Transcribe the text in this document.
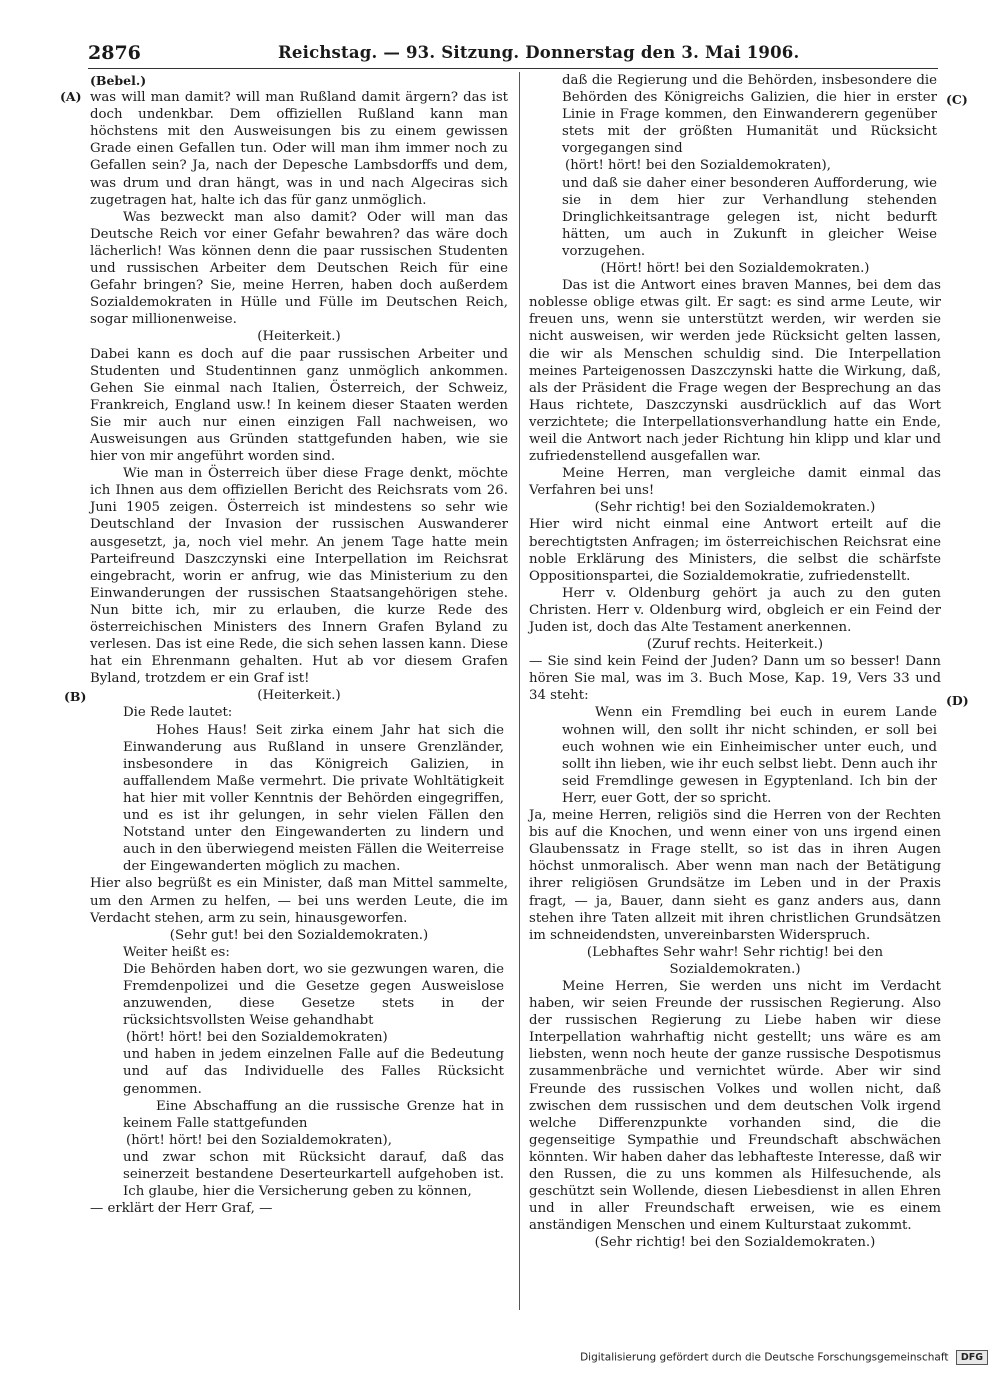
2876	Reichstag. — 93. Sitzung. Donnerstag den 3. Mai 1906.
(A)
(B)
(C)
(D)

(Bebel.)

was will man damit? will man Rußland damit ärgern? das ist doch undenkbar. Dem offiziellen Rußland kann man höchstens mit den Ausweisungen bis zu einem gewissen Grade einen Gefallen tun. Oder will man ihm immer noch zu Gefallen sein? Ja, nach der Depesche Lambsdorffs und dem, was drum und dran hängt, was in und nach Algeciras sich zugetragen hat, halte ich das für ganz unmöglich.

Was bezweckt man also damit? Oder will man das Deutsche Reich vor einer Gefahr bewahren? das wäre doch lächerlich! Was können denn die paar russischen Studenten und russischen Arbeiter dem Deutschen Reich für eine Gefahr bringen? Sie, meine Herren, haben doch außerdem Sozialdemokraten in Hülle und Fülle im Deutschen Reich, sogar millionenweise.

(Heiterkeit.)

Dabei kann es doch auf die paar russischen Arbeiter und Studenten und Studentinnen ganz unmöglich ankommen. Gehen Sie einmal nach Italien, Österreich, der Schweiz, Frankreich, England usw.! In keinem dieser Staaten werden Sie mir auch nur einen einzigen Fall nachweisen, wo Ausweisungen aus Gründen stattgefunden haben, wie sie hier von mir angeführt worden sind.

Wie man in Österreich über diese Frage denkt, möchte ich Ihnen aus dem offiziellen Bericht des Reichsrats vom 26. Juni 1905 zeigen. Österreich ist mindestens so sehr wie Deutschland der Invasion der russischen Auswanderer ausgesetzt, ja, noch viel mehr. An jenem Tage hatte mein Parteifreund Daszczynski eine Interpellation im Reichsrat eingebracht, worin er anfrug, wie das Ministerium zu den Einwanderungen der russischen Staatsangehörigen stehe. Nun bitte ich, mir zu erlauben, die kurze Rede des österreichischen Ministers des Innern Grafen Byland zu verlesen. Das ist eine Rede, die sich sehen lassen kann. Diese hat ein Ehrenmann gehalten. Hut ab vor diesem Grafen Byland, trotzdem er ein Graf ist!

(Heiterkeit.)

Die Rede lautet:

Hohes Haus! Seit zirka einem Jahr hat sich die Einwanderung aus Rußland in unsere Grenzländer, insbesondere in das Königreich Galizien, in auffallendem Maße vermehrt. Die private Wohltätigkeit hat hier mit voller Kenntnis der Behörden eingegriffen, und es ist ihr gelungen, in sehr vielen Fällen den Notstand unter den Eingewanderten zu lindern und auch in den überwiegend meisten Fällen die Weiterreise der Eingewanderten möglich zu machen.

Hier also begrüßt es ein Minister, daß man Mittel sammelte, um den Armen zu helfen, — bei uns werden Leute, die im Verdacht stehen, arm zu sein, hinausgeworfen.

(Sehr gut! bei den Sozialdemokraten.)

Weiter heißt es:

Die Behörden haben dort, wo sie gezwungen waren, die Fremdenpolizei und die Gesetze gegen Ausweislose anzuwenden, diese Gesetze stets in der rücksichtsvollsten Weise gehandhabt

(hört! hört! bei den Sozialdemokraten)

und haben in jedem einzelnen Falle auf die Bedeutung und auf das Individuelle des Falles Rücksicht genommen.

Eine Abschaffung an die russische Grenze hat in keinem Falle stattgefunden

(hört! hört! bei den Sozialdemokraten),

und zwar schon mit Rücksicht darauf, daß das seinerzeit bestandene Deserteurkartell aufgehoben ist. Ich glaube, hier die Versicherung geben zu können,

— erklärt der Herr Graf, —

daß die Regierung und die Behörden, insbesondere die Behörden des Königreichs Galizien, die hier in erster Linie in Frage kommen, den Einwanderern gegenüber stets mit der größten Humanität und Rücksicht vorgegangen sind

(hört! hört! bei den Sozialdemokraten),

und daß sie daher einer besonderen Aufforderung, wie sie in dem hier zur Verhandlung stehenden Dringlichkeitsantrage gelegen ist, nicht bedurft hätten, um auch in Zukunft in gleicher Weise vorzugehen.

(Hört! hört! bei den Sozialdemokraten.)

Das ist die Antwort eines braven Mannes, bei dem das noblesse oblige etwas gilt. Er sagt: es sind arme Leute, wir freuen uns, wenn sie unterstützt werden, wir werden sie nicht ausweisen, wir werden jede Rücksicht gelten lassen, die wir als Menschen schuldig sind. Die Interpellation meines Parteigenossen Daszczynski hatte die Wirkung, daß, als der Präsident die Frage wegen der Besprechung an das Haus richtete, Daszczynski ausdrücklich auf das Wort verzichtete; die Interpellationsverhandlung hatte ein Ende, weil die Antwort nach jeder Richtung hin klipp und klar und zufriedenstellend ausgefallen war.

Meine Herren, man vergleiche damit einmal das Verfahren bei uns!

(Sehr richtig! bei den Sozialdemokraten.)

Hier wird nicht einmal eine Antwort erteilt auf die berechtigtsten Anfragen; im österreichischen Reichsrat eine noble Erklärung des Ministers, die selbst die schärfste Oppositionspartei, die Sozialdemokratie, zufriedenstellt.

Herr v. Oldenburg gehört ja auch zu den guten Christen. Herr v. Oldenburg wird, obgleich er ein Feind der Juden ist, doch das Alte Testament anerkennen.

(Zuruf rechts. Heiterkeit.)

— Sie sind kein Feind der Juden? Dann um so besser! Dann hören Sie mal, was im 3. Buch Mose, Kap. 19, Vers 33 und 34 steht:

Wenn ein Fremdling bei euch in eurem Lande wohnen will, den sollt ihr nicht schinden, er soll bei euch wohnen wie ein Einheimischer unter euch, und sollt ihn lieben, wie ihr euch selbst liebt. Denn auch ihr seid Fremdlinge gewesen in Egyptenland. Ich bin der Herr, euer Gott, der so spricht.

Ja, meine Herren, religiös sind die Herren von der Rechten bis auf die Knochen, und wenn einer von uns irgend einen Glaubenssatz in Frage stellt, so ist das in ihren Augen höchst unmoralisch. Aber wenn man nach der Betätigung ihrer religiösen Grundsätze im Leben und in der Praxis fragt, — ja, Bauer, dann sieht es ganz anders aus, dann stehen ihre Taten allzeit mit ihren christlichen Grundsätzen im schneidendsten, unvereinbarsten Widerspruch.

(Lebhaftes Sehr wahr! Sehr richtig! bei den Sozialdemokraten.)

Meine Herren, Sie werden uns nicht im Verdacht haben, wir seien Freunde der russischen Regierung. Also der russischen Regierung zu Liebe haben wir diese Interpellation wahrhaftig nicht gestellt; uns wäre es am liebsten, wenn noch heute der ganze russische Despotismus zusammenbräche und vernichtet würde. Aber wir sind Freunde des russischen Volkes und wollen nicht, daß zwischen dem russischen und dem deutschen Volk irgend welche Differenzpunkte vorhanden sind, die die gegenseitige Sympathie und Freundschaft abschwächen könnten. Wir haben daher das lebhafteste Interesse, daß wir den Russen, die zu uns kommen als Hilfesuchende, als geschützt sein Wollende, diesen Liebesdienst in allen Ehren und in aller Freundschaft erweisen, wie es einem anständigen Menschen und einem Kulturstaat zukommt.

(Sehr richtig! bei den Sozialdemokraten.)

Digitalisierung gefördert durch die Deutsche Forschungsgemeinschaft DFG
